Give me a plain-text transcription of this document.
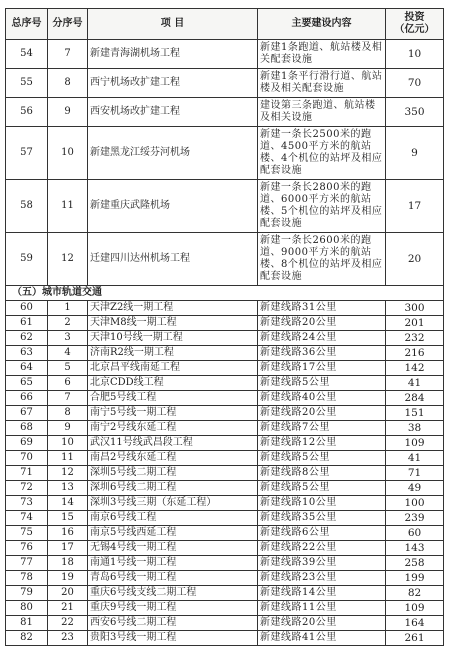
总序号	分序号	项 目	主要建设内容	投资
（亿元）
54	7	新建青海湖机场工程	新建1条跑道、航站楼及相关配套设施	10
55	8	西宁机场改扩建工程	新建1条平行滑行道、航站楼及相关配套设施	70
56	9	西安机场改扩建工程	建设第三条跑道、航站楼及相关设施	350
57	10	新建黑龙江绥芬河机场	新建一条长2500米的跑道、4500平方米的航站楼、4个机位的站坪及相应配套设施	9
58	11	新建重庆武隆机场	新建一条长2800米的跑道、6000平方米的航站楼、5个机位的站坪及相应配套设施	17
59	12	迁建四川达州机场工程	新建一条长2600米的跑道、9000平方米的航站楼、8个机位的站坪及相应配套设施	20
（五）城市轨道交通				
60	1	天津Z2线一期工程	新建线路31公里	300
61	2	天津M8线一期工程	新建线路20公里	201
62	3	天津10号线一期工程	新建线路24公里	232
63	4	济南R2线一期工程	新建线路36公里	216
64	5	北京昌平线南延工程	新建线路17公里	142
65	6	北京CDD线工程	新建线路5公里	41
66	7	合肥5号线工程	新建线路40公里	284
67	8	南宁5号线一期工程	新建线路20公里	151
68	9	南宁2号线东延工程	新建线路7公里	38
69	10	武汉11号线武昌段工程	新建线路12公里	109
70	11	南昌2号线东延工程	新建线路5公里	41
71	12	深圳5号线二期工程	新建线路8公里	71
72	13	深圳6号线二期工程	新建线路5公里	49
73	14	深圳3号线三期（东延工程）	新建线路10公里	100
74	15	南京6号线工程	新建线路35公里	239
75	16	南京5号线西延工程	新建线路6公里	60
76	17	无锡4号线一期工程	新建线路22公里	143
77	18	南通1号线一期工程	新建线路39公里	258
78	19	青岛6号线一期工程	新建线路23公里	199
79	20	重庆6号线支线二期工程	新建线路14公里	82
80	21	重庆9号线一期工程	新建线路11公里	109
81	22	西安6号线二期工程	新建线路20公里	164
82	23	贵阳3号线一期工程	新建线路41公里	261
